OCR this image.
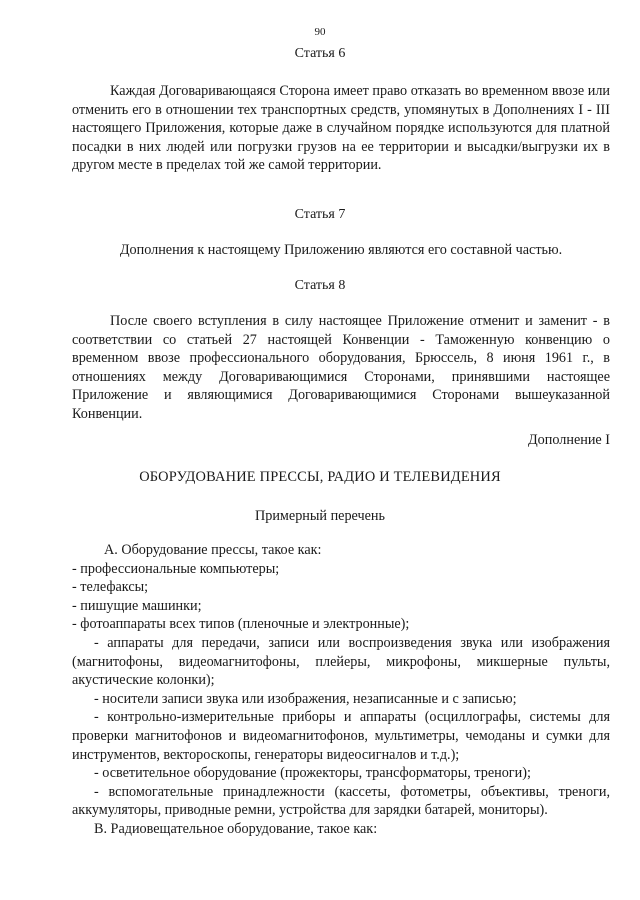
90
Статья 6
Каждая Договаривающаяся Сторона имеет право отказать во временном ввозе или отменить его в отношении тех транспортных средств, упомянутых в Дополнениях I - III настоящего Приложения, которые даже в случайном порядке используются для платной посадки в них людей или погрузки грузов на ее территории и высадки/выгрузки их в другом месте в пределах той же самой территории.
Статья 7
Дополнения к настоящему Приложению являются его составной частью.
Статья 8
После своего вступления в силу настоящее Приложение отменит и заменит - в соответствии со статьей 27 настоящей Конвенции - Таможенную конвенцию о временном ввозе профессионального оборудования, Брюссель, 8 июня 1961 г., в отношениях между Договаривающимися Сторонами, принявшими настоящее Приложение и являющимися Договаривающимися Сторонами вышеуказанной Конвенции.
Дополнение I
ОБОРУДОВАНИЕ ПРЕССЫ, РАДИО И ТЕЛЕВИДЕНИЯ
Примерный перечень
A. Оборудование прессы, такое как:
- профессиональные компьютеры;
- телефаксы;
- пишущие машинки;
- фотоаппараты всех типов (пленочные и электронные);
- аппараты для передачи, записи или воспроизведения звука или изображения (магнитофоны, видеомагнитофоны, плейеры, микрофоны, микшерные пульты, акустические колонки);
- носители записи звука или изображения, незаписанные и с записью;
- контрольно-измерительные приборы и аппараты (осциллографы, системы для проверки магнитофонов и видеомагнитофонов, мультиметры, чемоданы и сумки для инструментов, вектороскопы, генераторы видеосигналов и т.д.);
- осветительное оборудование (прожекторы, трансформаторы, треноги);
- вспомогательные принадлежности (кассеты, фотометры, объективы, треноги, аккумуляторы, приводные ремни, устройства для зарядки батарей, мониторы).
B. Радиовещательное оборудование, такое как:
